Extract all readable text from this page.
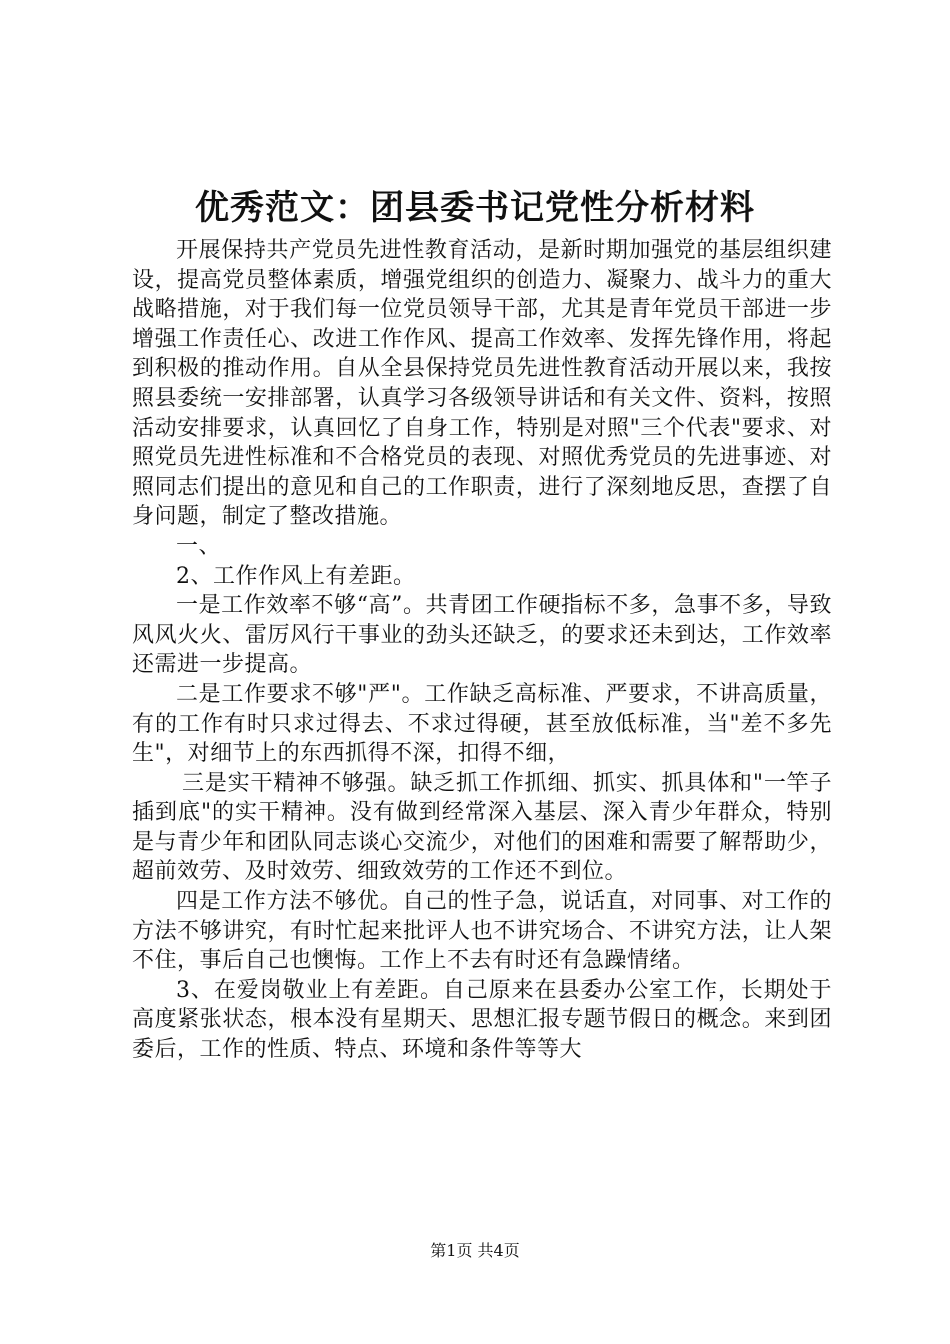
优秀范文：团县委书记党性分析材料

开展保持共产党员先进性教育活动，是新时期加强党的基层组织建设，提高党员整体素质，增强党组织的创造力、凝聚力、战斗力的重大战略措施，对于我们每一位党员领导干部，尤其是青年党员干部进一步增强工作责任心、改进工作作风、提高工作效率、发挥先锋作用，将起到积极的推动作用。自从全县保持党员先进性教育活动开展以来，我按照县委统一安排部署，认真学习各级领导讲话和有关文件、资料，按照活动安排要求，认真回忆了自身工作，特别是对照"三个代表"要求、对照党员先进性标准和不合格党员的表现、对照优秀党员的先进事迹、对照同志们提出的意见和自己的工作职责，进行了深刻地反思，查摆了自身问题，制定了整改措施。

一、

2、工作作风上有差距。

一是工作效率不够“高”。共青团工作硬指标不多，急事不多，导致风风火火、雷厉风行干事业的劲头还缺乏，的要求还未到达，工作效率还需进一步提高。

二是工作要求不够"严"。工作缺乏高标准、严要求，不讲高质量，有的工作有时只求过得去、不求过得硬，甚至放低标准，当"差不多先生"，对细节上的东西抓得不深，扣得不细，

三是实干精神不够强。缺乏抓工作抓细、抓实、抓具体和"一竿子插到底"的实干精神。没有做到经常深入基层、深入青少年群众，特别是与青少年和团队同志谈心交流少，对他们的困难和需要了解帮助少，超前效劳、及时效劳、细致效劳的工作还不到位。

四是工作方法不够优。自己的性子急，说话直，对同事、对工作的方法不够讲究，有时忙起来批评人也不讲究场合、不讲究方法，让人架不住，事后自己也懊悔。工作上不去有时还有急躁情绪。

3、在爱岗敬业上有差距。自己原来在县委办公室工作，长期处于高度紧张状态，根本没有星期天、思想汇报专题节假日的概念。来到团委后，工作的性质、特点、环境和条件等等大

第1页 共4页
